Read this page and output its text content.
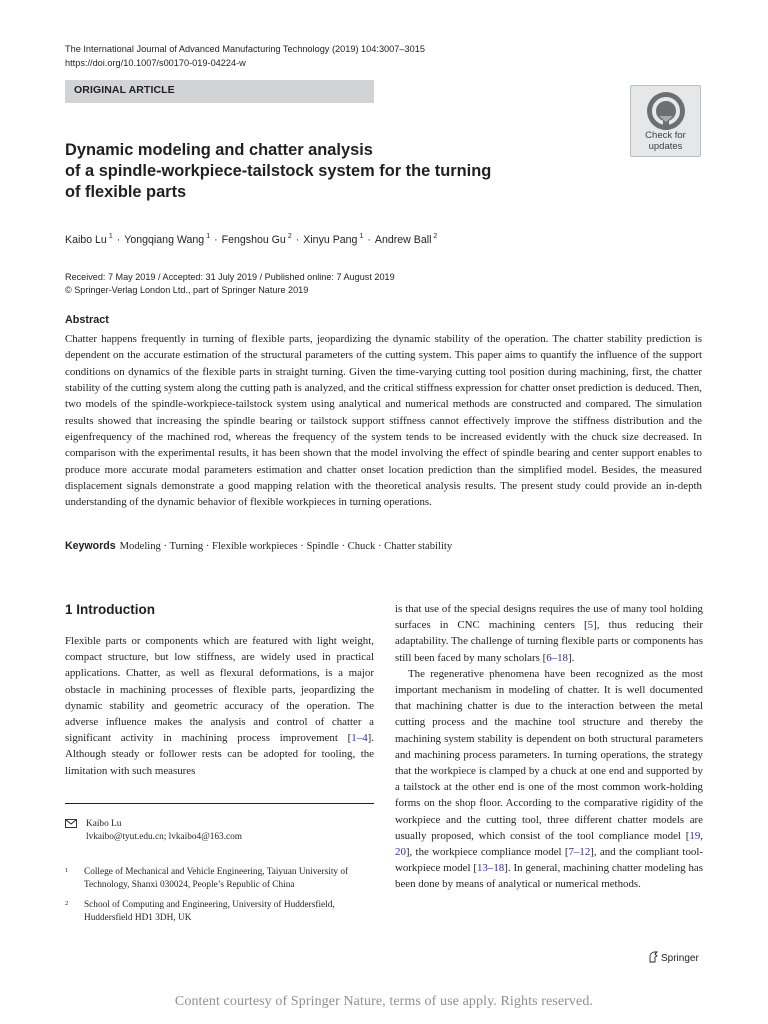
The International Journal of Advanced Manufacturing Technology (2019) 104:3007–3015
https://doi.org/10.1007/s00170-019-04224-w
ORIGINAL ARTICLE
Check for
updates
Dynamic modeling and chatter analysis
of a spindle-workpiece-tailstock system for the turning
of flexible parts
Kaibo Lu $^1$ · Yongqiang Wang $^1$ · Fengshou Gu $^2$ · Xinyu Pang $^1$ · Andrew Ball $^2$
Received: 7 May 2019 / Accepted: 31 July 2019 / Published online: 7 August 2019
© Springer-Verlag London Ltd., part of Springer Nature 2019
Abstract
Chatter happens frequently in turning of flexible parts, jeopardizing the dynamic stability of the operation. The chatter stability prediction is dependent on the accurate estimation of the structural parameters of the cutting system. This paper aims to quantify the influence of the support conditions on dynamics of the flexible parts in straight turning. Given the time-varying cutting tool position during machining, first, the chatter stability of the cutting system along the cutting path is analyzed, and the critical stiffness expression for chatter onset prediction is deduced. Then, two models of the spindle-workpiece-tailstock system using analytical and numerical methods are constructed and compared. The simulation results showed that increasing the spindle bearing or tailstock support stiffness cannot effectively improve the stiffness distribution and the eigenfrequency of the machined rod, whereas the frequency of the system tends to be increased evidently with the chuck size decreased. In comparison with the experimental results, it has been shown that the model involving the effect of spindle bearing and center support enables to produce more accurate modal parameters estimation and chatter onset location prediction than the simplified model. Besides, the measured displacement signals demonstrate a good mapping relation with the theoretical analysis results. The present study could provide an in-depth understanding of the dynamic behavior of flexible workpieces in turning operations.
Keywords Modeling · Turning · Flexible workpieces · Spindle · Chuck · Chatter stability
1 Introduction

Flexible parts or components which are featured with light weight, compact structure, but low stiffness, are widely used in practical applications. Chatter, as well as flexural deformations, is a major obstacle in machining processes of flexible parts, jeopardizing the dynamic stability and geometric accuracy of the operation. The adverse influence makes the analysis and control of chatter a significant activity in machining process improvement [1–4]. Although steady or follower rests can be adopted for tooling, the limitation with such measures

is that use of the special designs requires the use of many tool holding surfaces in CNC machining centers [5], thus reducing their adaptability. The challenge of turning flexible parts or components has still been faced by many scholars [6–18].

The regenerative phenomena have been recognized as the most important mechanism in modeling of chatter. It is well documented that machining chatter is due to the interaction between the metal cutting process and the machine tool structure and thereby the machining system stability is dependent on both structural parameters and machining process parameters. In turning operations, the strategy that the workpiece is clamped by a chuck at one end and supported by a tailstock at the other end is one of the most common work-holding forms on the shop floor. According to the comparative rigidity of the workpiece and the cutting tool, three different chatter models are usually proposed, which consist of the tool compliance model [19, 20], the workpiece compliance model [7–12], and the compliant tool-workpiece model [13–18]. In general, machining chatter modeling has been done by means of analytical or numerical methods.

Kaibo Lu
lvkaibo@tyut.edu.cn; lvkaibo4@163.com
1 College of Mechanical and Vehicle Engineering, Taiyuan University of Technology, Shanxi 030024, People’s Republic of China
2 School of Computing and Engineering, University of Huddersfield, Huddersfield HD1 3DH, UK
Springer
Content courtesy of Springer Nature, terms of use apply. Rights reserved.
